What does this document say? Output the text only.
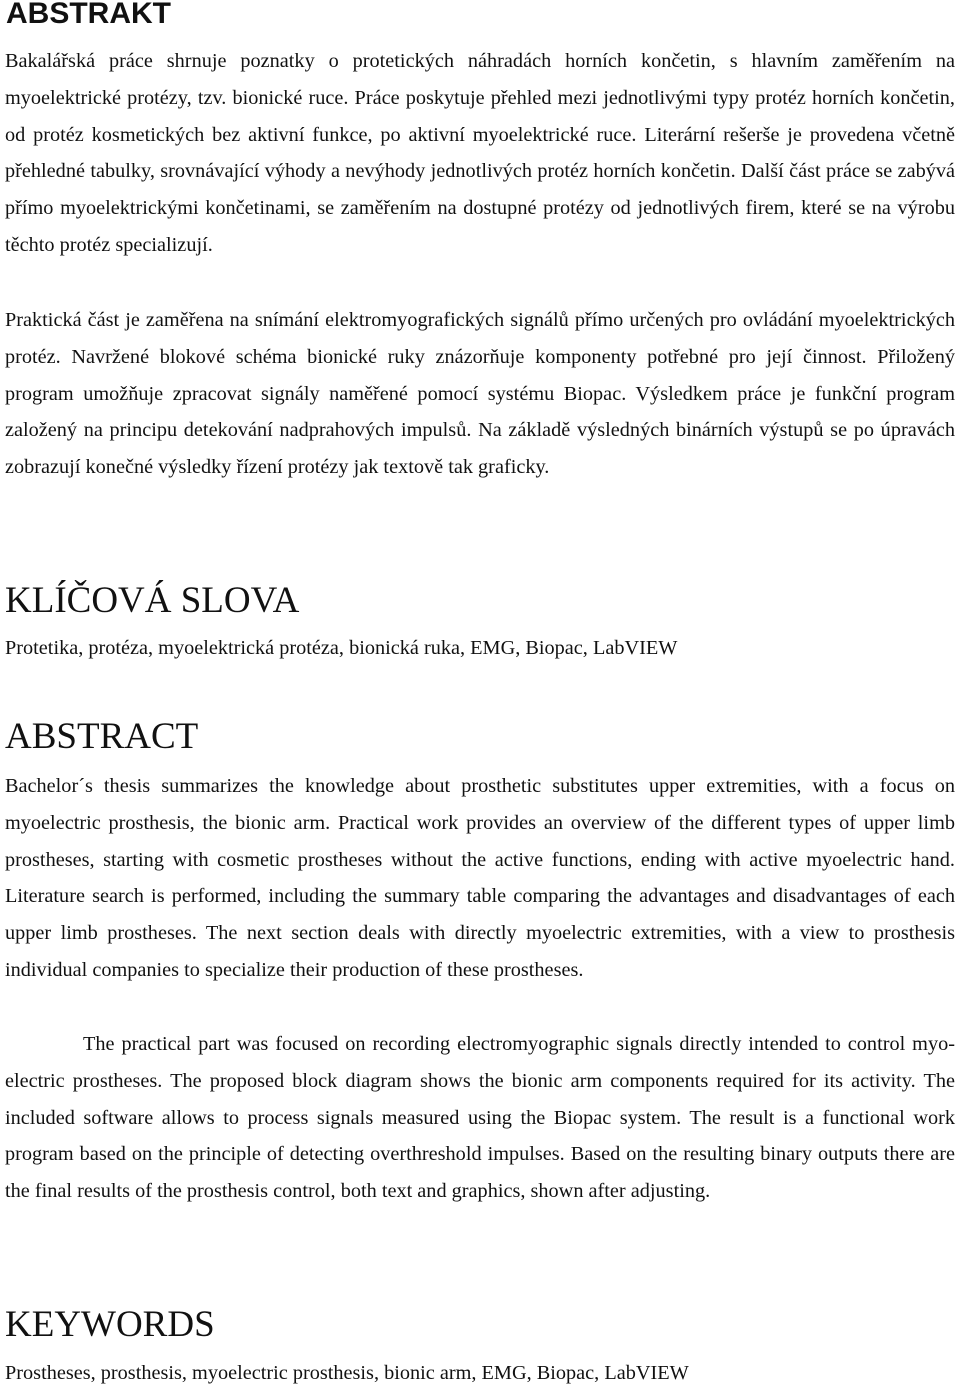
ABSTRAKT

Bakalářská práce shrnuje poznatky o protetických náhradách horních končetin, s hlavním zaměřením na myoelektrické protézy, tzv. bionické ruce. Práce poskytuje přehled mezi jednotlivými typy protéz horních končetin, od protéz kosmetických bez aktivní funkce, po aktivní myoelektrické ruce. Literární rešerše je provedena včetně přehledné tabulky, srovnávající výhody a nevýhody jednotlivých protéz horních končetin. Další část práce se zabývá přímo myoelektrickými končetinami, se zaměřením na dostupné protézy od jednotlivých firem, které se na výrobu těchto protéz specializují.

Praktická část je zaměřena na snímání elektromyografických signálů přímo určených pro ovládání myoelektrických protéz. Navržené blokové schéma bionické ruky znázorňuje komponenty potřebné pro její činnost. Přiložený program umožňuje zpracovat signály naměřené pomocí systému Biopac. Výsledkem práce je funkční program založený na principu detekování nadprahových impulsů. Na základě výsledných binárních výstupů se po úpravách zobrazují konečné výsledky řízení protézy jak textově tak graficky.

KLÍČOVÁ SLOVA

Protetika, protéza, myoelektrická protéza, bionická ruka, EMG, Biopac, LabVIEW

ABSTRACT

Bachelor´s thesis summarizes the knowledge about prosthetic substitutes upper extremities, with a focus on myoelectric prosthesis, the bionic arm. Practical work provides an overview of the different types of upper limb prostheses, starting with cosmetic prostheses without the active functions, ending with active myoelectric hand. Literature search is performed, including the summary table comparing the advantages and disadvantages of each upper limb prostheses. The next section deals with directly myoelectric extremities, with a view to prosthesis individual companies to specialize their production of these prostheses.

The practical part was focused on recording electromyographic signals directly intended to control myo-electric prostheses. The proposed block diagram shows the bionic arm components required for its activity. The included software allows to process signals measured using the Biopac system. The result is a functional work program based on the principle of detecting overthreshold impulses. Based on the resulting binary outputs there are the final results of the prosthesis control, both text and graphics, shown after adjusting.

KEYWORDS

Prostheses, prosthesis, myoelectric prosthesis, bionic arm, EMG, Biopac, LabVIEW
